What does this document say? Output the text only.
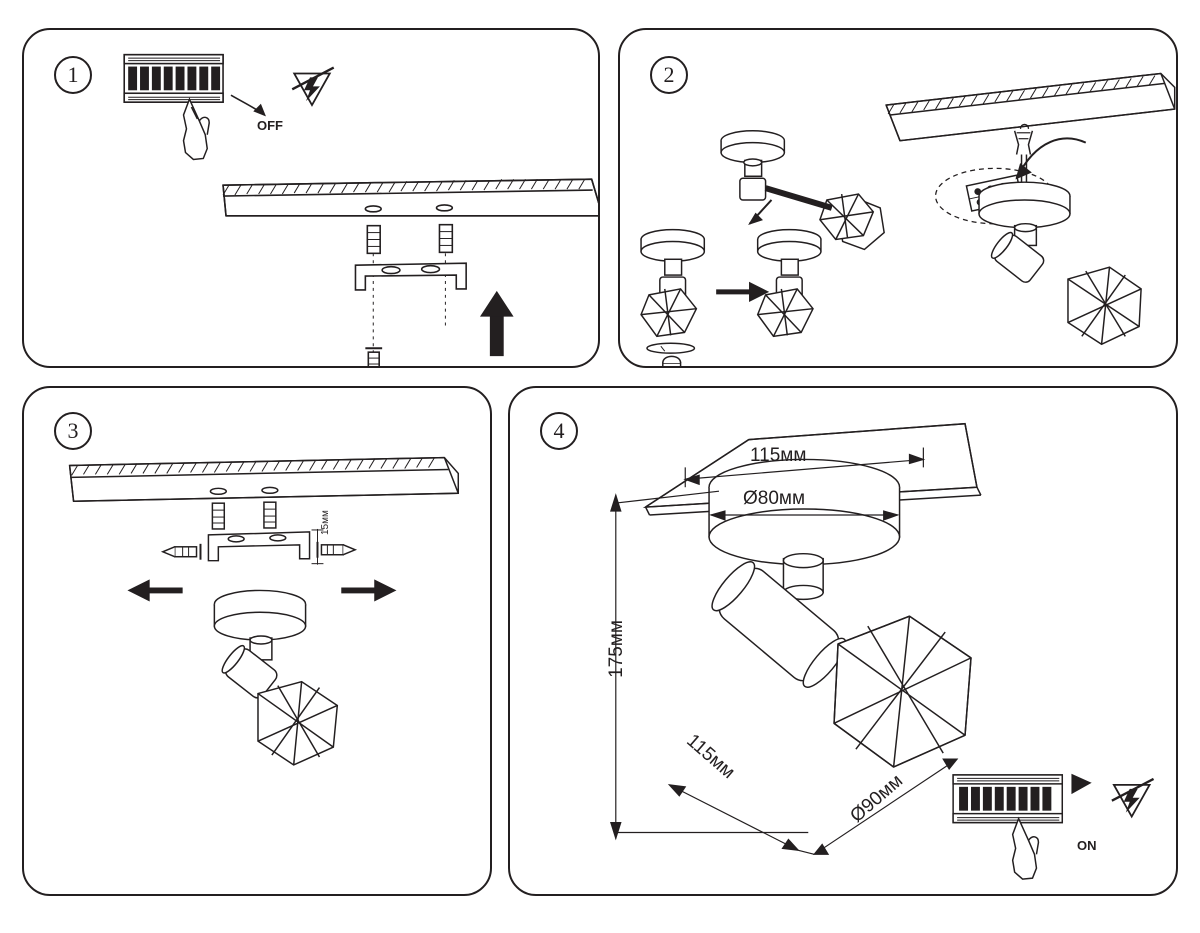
1
OFF
2
3
15мм
4
115мм
Ø80мм
175мм
115мм
Ø90мм
ON
